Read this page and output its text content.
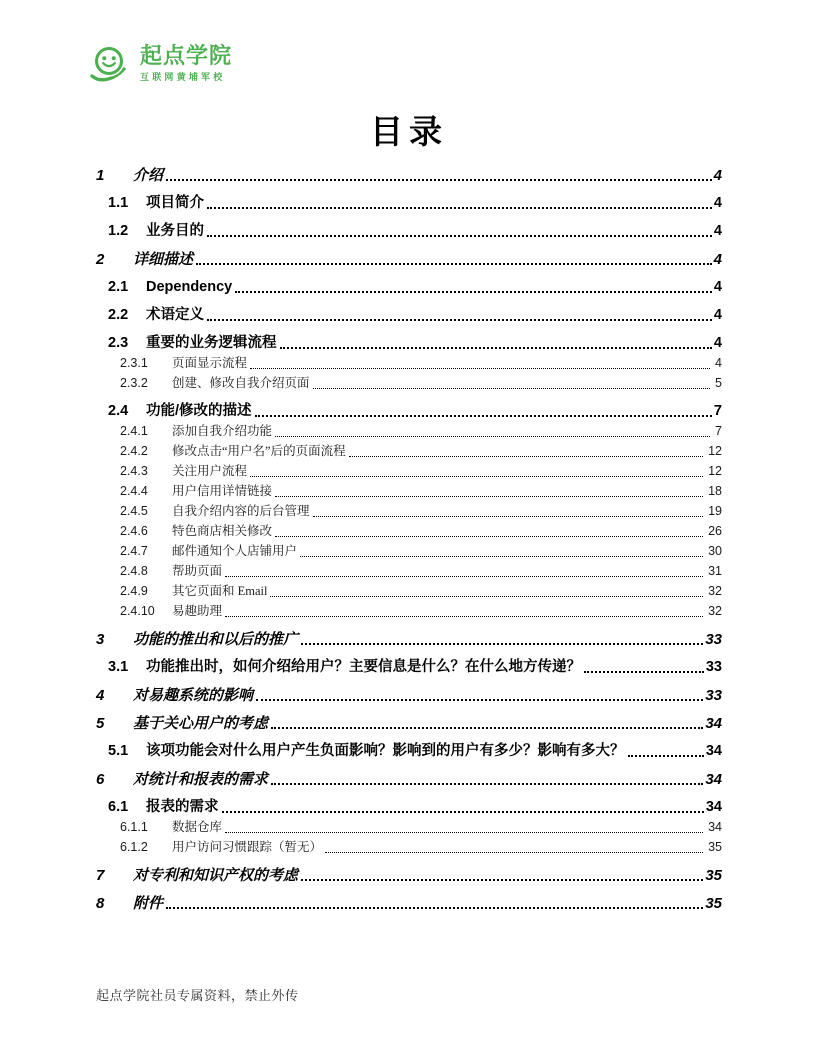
起点学院
互联网黄埔军校
目录
1	介绍	4
1.1	项目简介	4
1.2	业务目的	4
2	详细描述	4
2.1	Dependency	4
2.2	术语定义	4
2.3	重要的业务逻辑流程	4
2.3.1	页面显示流程	4
2.3.2	创建、修改自我介绍页面	5
2.4	功能/修改的描述	7
2.4.1	添加自我介绍功能	7
2.4.2	修改点击“用户名”后的页面流程	12
2.4.3	关注用户流程	12
2.4.4	用户信用详情链接	18
2.4.5	自我介绍内容的后台管理	19
2.4.6	特色商店相关修改	26
2.4.7	邮件通知个人店铺用户	30
2.4.8	帮助页面	31
2.4.9	其它页面和 Email	32
2.4.10	易趣助理	32
3	功能的推出和以后的推广	33
3.1	功能推出时，如何介绍给用户？主要信息是什么？在什么地方传递？	33
4	对易趣系统的影响	33
5	基于关心用户的考虑	34
5.1	该项功能会对什么用户产生负面影响？影响到的用户有多少？影响有多大？	34
6	对统计和报表的需求	34
6.1	报表的需求	34
6.1.1	数据仓库	34
6.1.2	用户访问习惯跟踪（暂无）	35
7	对专利和知识产权的考虑	35
8	附件	35
起点学院社员专属资料，禁止外传
